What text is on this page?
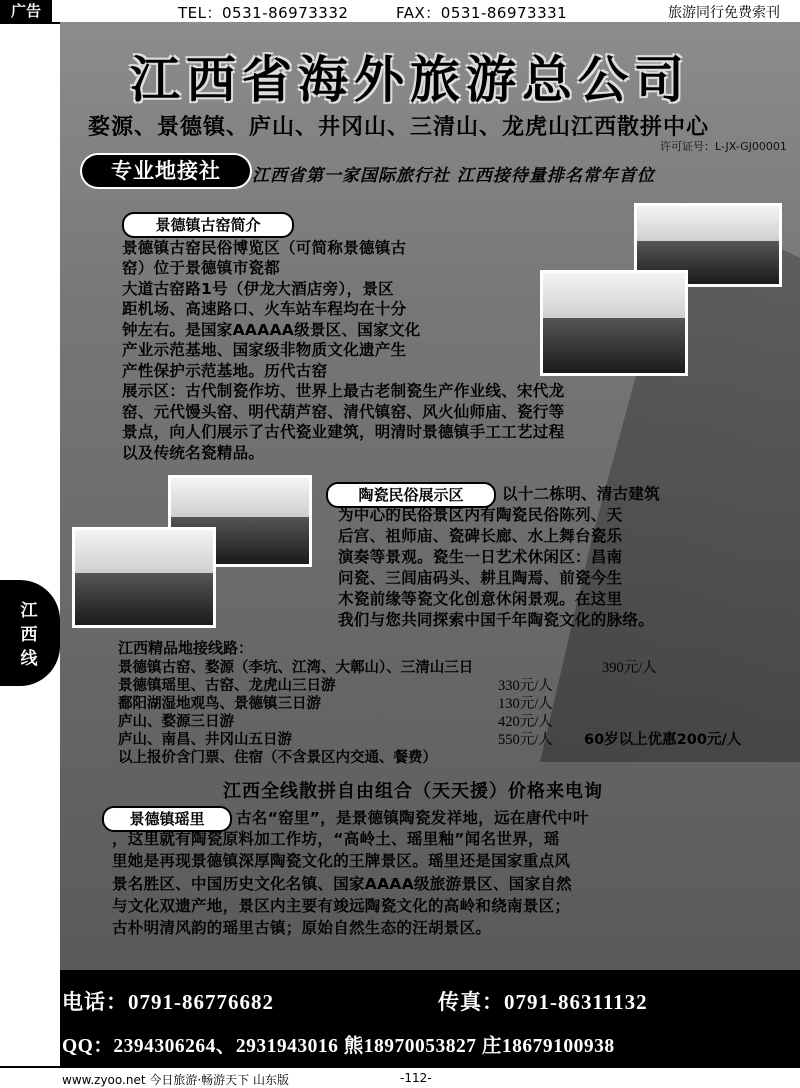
广告	TEL：0531-86973332	FAX：0531-86973331	旅游同行免费索刊
江
西
线
江西省海外旅游总公司
婺源、景德镇、庐山、井冈山、三清山、龙虎山江西散拼中心
许可证号：L-JX-GJ00001
专业地接社	江西省第一家国际旅行社 江西接待量排名常年首位
景德镇古窑简介
景德镇古窑民俗博览区（可简称景德镇古
窑）位于景德镇市瓷都
大道古窑路1号（伊龙大酒店旁），景区
距机场、高速路口、火车站车程均在十分
钟左右。是国家AAAAA级景区、国家文化
产业示范基地、国家级非物质文化遗产生
产性保护示范基地。历代古窑
展示区：古代制瓷作坊、世界上最古老制瓷生产作业线、宋代龙
窑、元代馒头窑、明代葫芦窑、清代镇窑、风火仙师庙、瓷行等
景点，向人们展示了古代瓷业建筑，明清时景德镇手工工艺过程
以及传统名瓷精品。
陶瓷民俗展示区	以十二栋明、清古建筑
为中心的民俗景区内有陶瓷民俗陈列、天
后宫、祖师庙、瓷碑长廊、水上舞台瓷乐
演奏等景观。瓷生一日艺术休闲区：昌南
问瓷、三闾庙码头、耕且陶焉、前瓷今生
木瓷前缘等瓷文化创意休闲景观。在这里
我们与您共同探索中国千年陶瓷文化的脉络。
江西精品地接线路：
景德镇古窑、婺源（李坑、江湾、大鄣山）、三清山三日	390元/人
景德镇瑶里、古窑、龙虎山三日游	330元/人
鄱阳湖湿地观鸟、景德镇三日游	130元/人
庐山、婺源三日游	420元/人
庐山、南昌、井冈山五日游	550元/人 60岁以上优惠200元/人
以上报价含门票、住宿（不含景区内交通、餐费）
江西全线散拼自由组合（天天援）价格来电询
景德镇瑶里	古名“窑里”，是景德镇陶瓷发祥地，远在唐代中叶
，这里就有陶瓷原料加工作坊，“高岭土、瑶里釉”闻名世界，瑶
里她是再现景德镇深厚陶瓷文化的王牌景区。瑶里还是国家重点风
景名胜区、中国历史文化名镇、国家AAAA级旅游景区、国家自然
与文化双遗产地，景区内主要有竣远陶瓷文化的高岭和绕南景区；
古朴明清风韵的瑶里古镇；原始自然生态的汪胡景区。
电话：0791-86776682	传真：0791-86311132
QQ：2394306264、2931943016 熊18970053827 庄18679100938
www.zyoo.net 今日旅游·畅游天下 山东版	-112-
